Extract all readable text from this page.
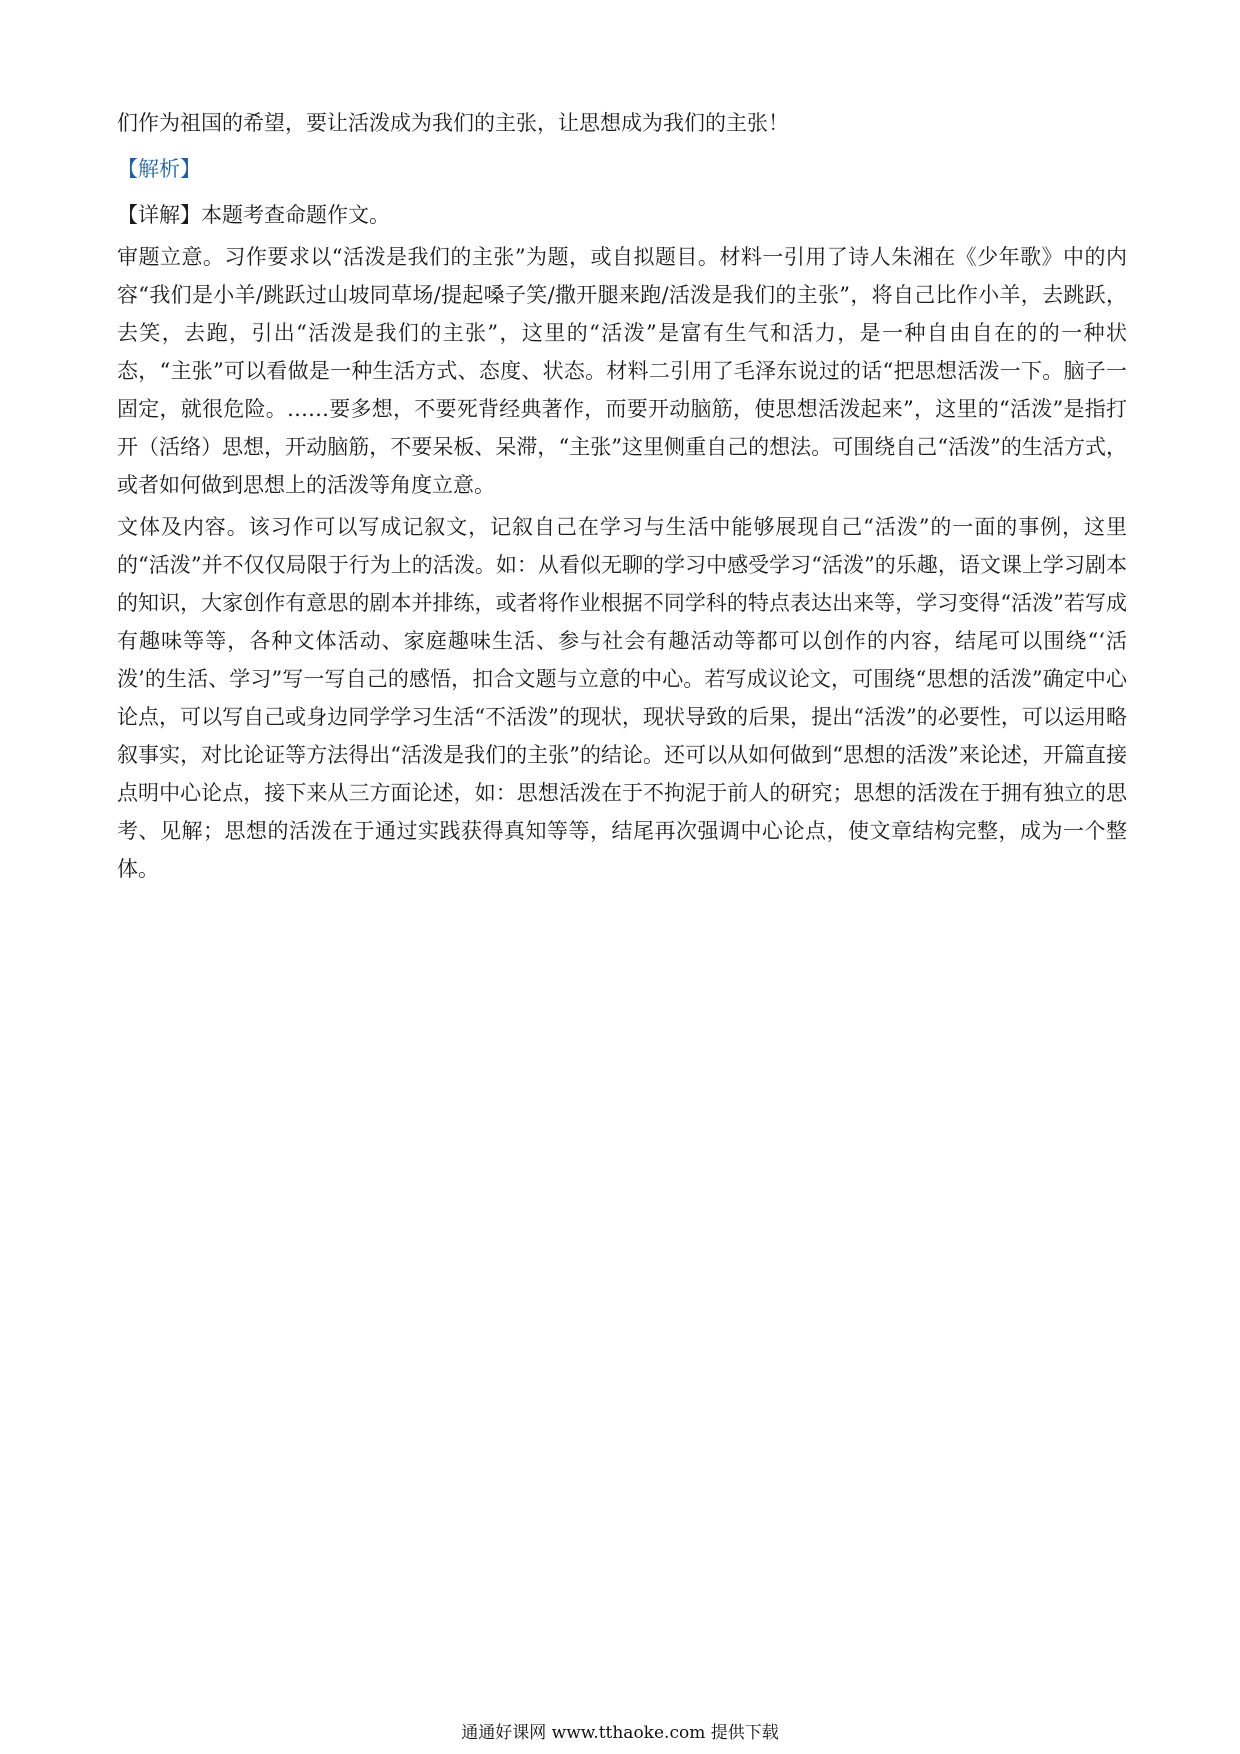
们作为祖国的希望，要让活泼成为我们的主张，让思想成为我们的主张！

【解析】

【详解】本题考查命题作文。

审题立意。习作要求以“活泼是我们的主张”为题，或自拟题目。材料一引用了诗人朱湘在《少年歌》中的内容“我们是小羊/跳跃过山坡同草场/提起嗓子笑/撒开腿来跑/活泼是我们的主张”，将自己比作小羊，去跳跃，去笑，去跑，引出“活泼是我们的主张”，这里的“活泼”是富有生气和活力，是一种自由自在的的一种状态，“主张”可以看做是一种生活方式、态度、状态。材料二引用了毛泽东说过的话“把思想活泼一下。脑子一固定，就很危险。……要多想，不要死背经典著作，而要开动脑筋，使思想活泼起来”，这里的“活泼”是指打开（活络）思想，开动脑筋，不要呆板、呆滞，“主张”这里侧重自己的想法。可围绕自己“活泼”的生活方式，或者如何做到思想上的活泼等角度立意。

文体及内容。该习作可以写成记叙文，记叙自己在学习与生活中能够展现自己“活泼”的一面的事例，这里的“活泼”并不仅仅局限于行为上的活泼。如：从看似无聊的学习中感受学习“活泼”的乐趣，语文课上学习剧本的知识，大家创作有意思的剧本并排练，或者将作业根据不同学科的特点表达出来等，学习变得“活泼”若写成有趣味等等，各种文体活动、家庭趣味生活、参与社会有趣活动等都可以创作的内容，结尾可以围绕“‘活泼’的生活、学习”写一写自己的感悟，扣合文题与立意的中心。若写成议论文，可围绕“思想的活泼”确定中心论点，可以写自己或身边同学学习生活“不活泼”的现状，现状导致的后果，提出“活泼”的必要性，可以运用略叙事实，对比论证等方法得出“活泼是我们的主张”的结论。还可以从如何做到“思想的活泼”来论述，开篇直接点明中心论点，接下来从三方面论述，如：思想活泼在于不拘泥于前人的研究；思想的活泼在于拥有独立的思考、见解；思想的活泼在于通过实践获得真知等等，结尾再次强调中心论点，使文章结构完整，成为一个整体。

通通好课网 www.tthaoke.com 提供下载
